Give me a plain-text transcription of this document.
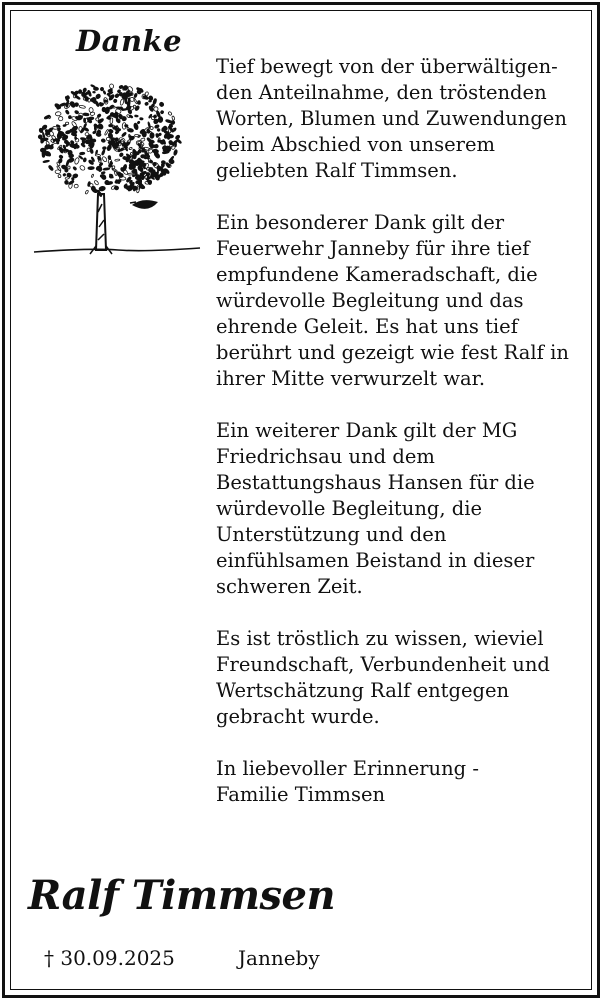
Danke
Tief bewegt von der überwältigen-
den Anteilnahme, den tröstenden
Worten, Blumen und Zuwendungen
beim Abschied von unserem
geliebten Ralf Timmsen.
Ein besonderer Dank gilt der
Feuerwehr Janneby für ihre tief
empfundene Kameradschaft, die
würdevolle Begleitung und das
ehrende Geleit. Es hat uns tief
berührt und gezeigt wie fest Ralf in
ihrer Mitte verwurzelt war.
Ein weiterer Dank gilt der MG
Friedrichsau und dem
Bestattungshaus Hansen für die
würdevolle Begleitung, die
Unterstützung und den
einfühlsamen Beistand in dieser
schweren Zeit.
Es ist tröstlich zu wissen, wieviel
Freundschaft, Verbundenheit und
Wertschätzung Ralf entgegen
gebracht wurde.
In liebevoller Erinnerung -
Familie Timmsen
Ralf Timmsen
† 30.09.2025	Janneby
